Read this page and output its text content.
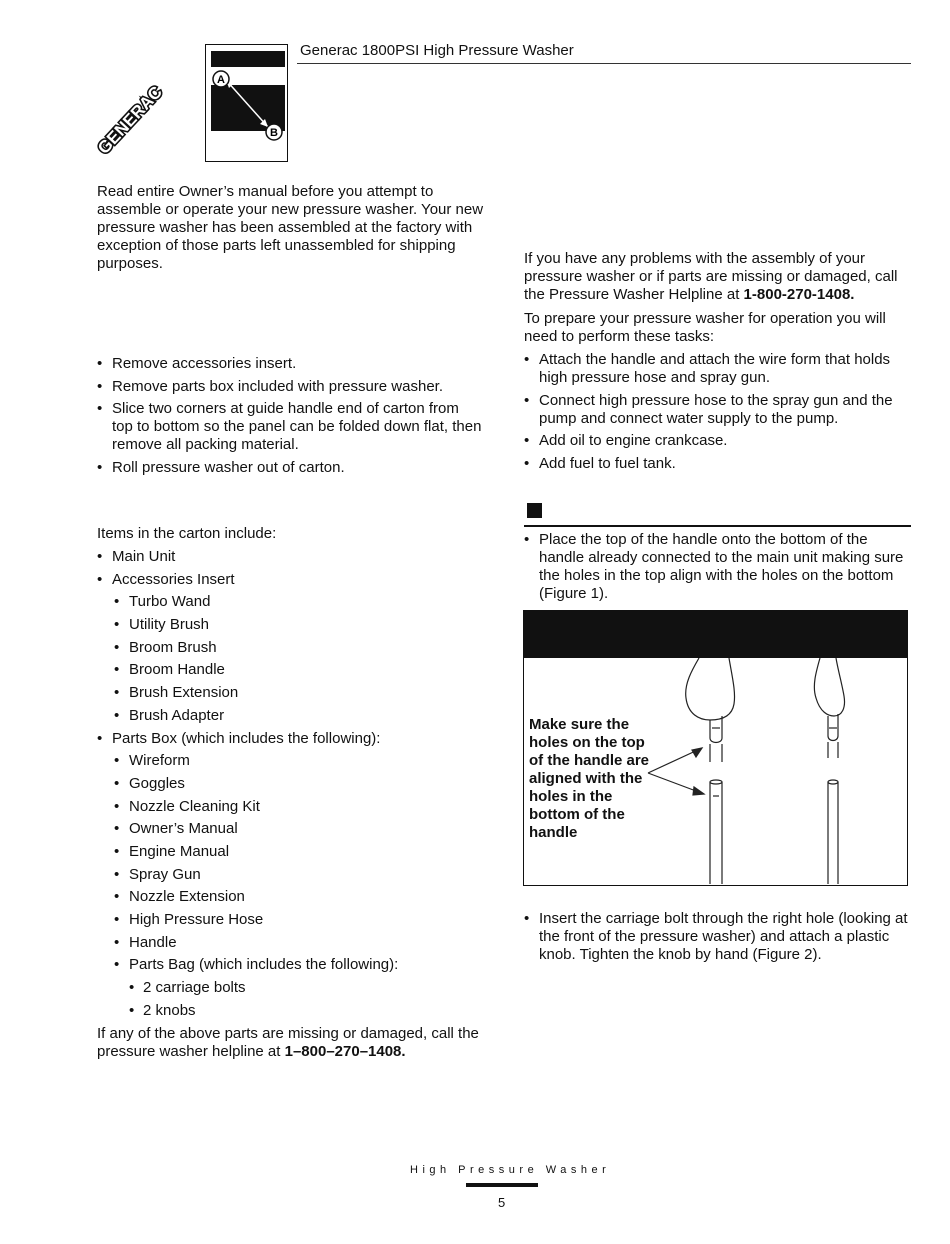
GENERAC
A
B
Generac 1800PSI High Pressure Washer
Read entire Owner’s manual before you attempt to assemble or operate your new pressure washer. Your new pressure washer has been assembled at the factory with exception of those parts left unassembled for shipping purposes.
• Remove accessories insert.
• Remove parts box included with pressure washer.
• Slice two corners at guide handle end of carton from top to bottom so the panel can be folded down flat, then remove all packing material.
• Roll pressure washer out of carton.
Items in the carton include:
• Main Unit
• Accessories Insert
• Turbo Wand
• Utility Brush
• Broom Brush
• Broom Handle
• Brush Extension
• Brush Adapter
• Parts Box (which includes the following):
• Wireform
• Goggles
• Nozzle Cleaning Kit
• Owner’s Manual
• Engine Manual
• Spray Gun
• Nozzle Extension
• High Pressure Hose
• Handle
• Parts Bag (which includes the following):
• 2 carriage bolts
• 2 knobs
If any of the above parts are missing or damaged, call the pressure washer helpline at 1–800–270–1408.
If you have any problems with the assembly of your pressure washer or if parts are missing or damaged, call the Pressure Washer Helpline at 1-800-270-1408.
To prepare your pressure washer for operation you will need to perform these tasks:
• Attach the handle and attach the wire form that holds high pressure hose and spray gun.
• Connect high pressure hose to the spray gun and the pump and connect water supply to the pump.
• Add oil to engine crankcase.
• Add fuel to fuel tank.
• Place the top of the handle onto the bottom of the handle already connected to the main unit making sure the holes in the top align with the holes on the bottom (Figure 1).
Make sure the holes on the top of the handle are aligned with the holes in the bottom of the handle
• Insert the carriage bolt through the right hole (looking at the front of the pressure washer) and attach a plastic knob. Tighten the knob by hand (Figure 2).
High Pressure Washer
5
